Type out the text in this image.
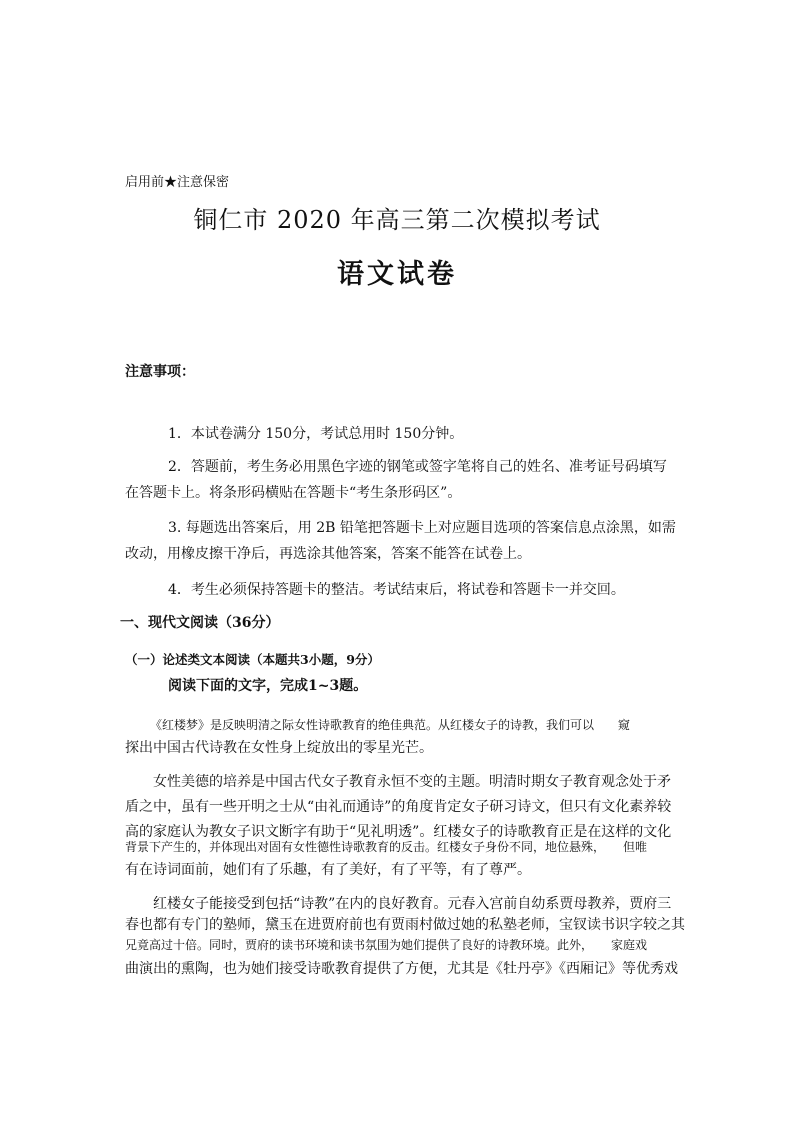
启用前★注意保密
铜仁市 2020 年高三第二次模拟考试
语文试卷
注意事项：
1．本试卷满分 150分，考试总用时 150分钟。
2．答题前，考生务必用黑色字迹的钢笔或签字笔将自己的姓名、准考证号码填写
在答题卡上。将条形码横贴在答题卡“考生条形码区”。
3. 每题选出答案后，用 2B 铅笔把答题卡上对应题目选项的答案信息点涂黑，如需
改动，用橡皮擦干净后，再选涂其他答案，答案不能答在试卷上。
4．考生必须保持答题卡的整洁。考试结束后，将试卷和答题卡一并交回。
一、现代文阅读（36分）
（一）论述类文本阅读（本题共3小题，9分）
阅读下面的文字，完成1~3题。
《红楼梦》是反映明清之际女性诗歌教育的绝佳典范。从红楼女子的诗教，我们可以　　窥
探出中国古代诗教在女性身上绽放出的零星光芒。
女性美德的培养是中国古代女子教育永恒不变的主题。明清时期女子教育观念处于矛
盾之中，虽有一些开明之士从“由礼而通诗”的角度肯定女子研习诗文，但只有文化素养较
高的家庭认为教女子识文断字有助于“见礼明透”。红楼女子的诗歌教育正是在这样的文化
背景下产生的，并体现出对固有女性德性诗歌教育的反击。红楼女子身份不同，地位悬殊，　　但唯
有在诗词面前，她们有了乐趣，有了美好，有了平等，有了尊严。
红楼女子能接受到包括“诗教”在内的良好教育。元春入宫前自幼系贾母教养，贾府三
春也都有专门的塾师，黛玉在进贾府前也有贾雨村做过她的私塾老师，宝钗读书识字较之其
兄竟高过十倍。同时，贾府的读书环境和读书氛围为她们提供了良好的诗教环境。此外，　　家庭戏
曲演出的熏陶，也为她们接受诗歌教育提供了方便，尤其是《牡丹亭》《西厢记》等优秀戏
